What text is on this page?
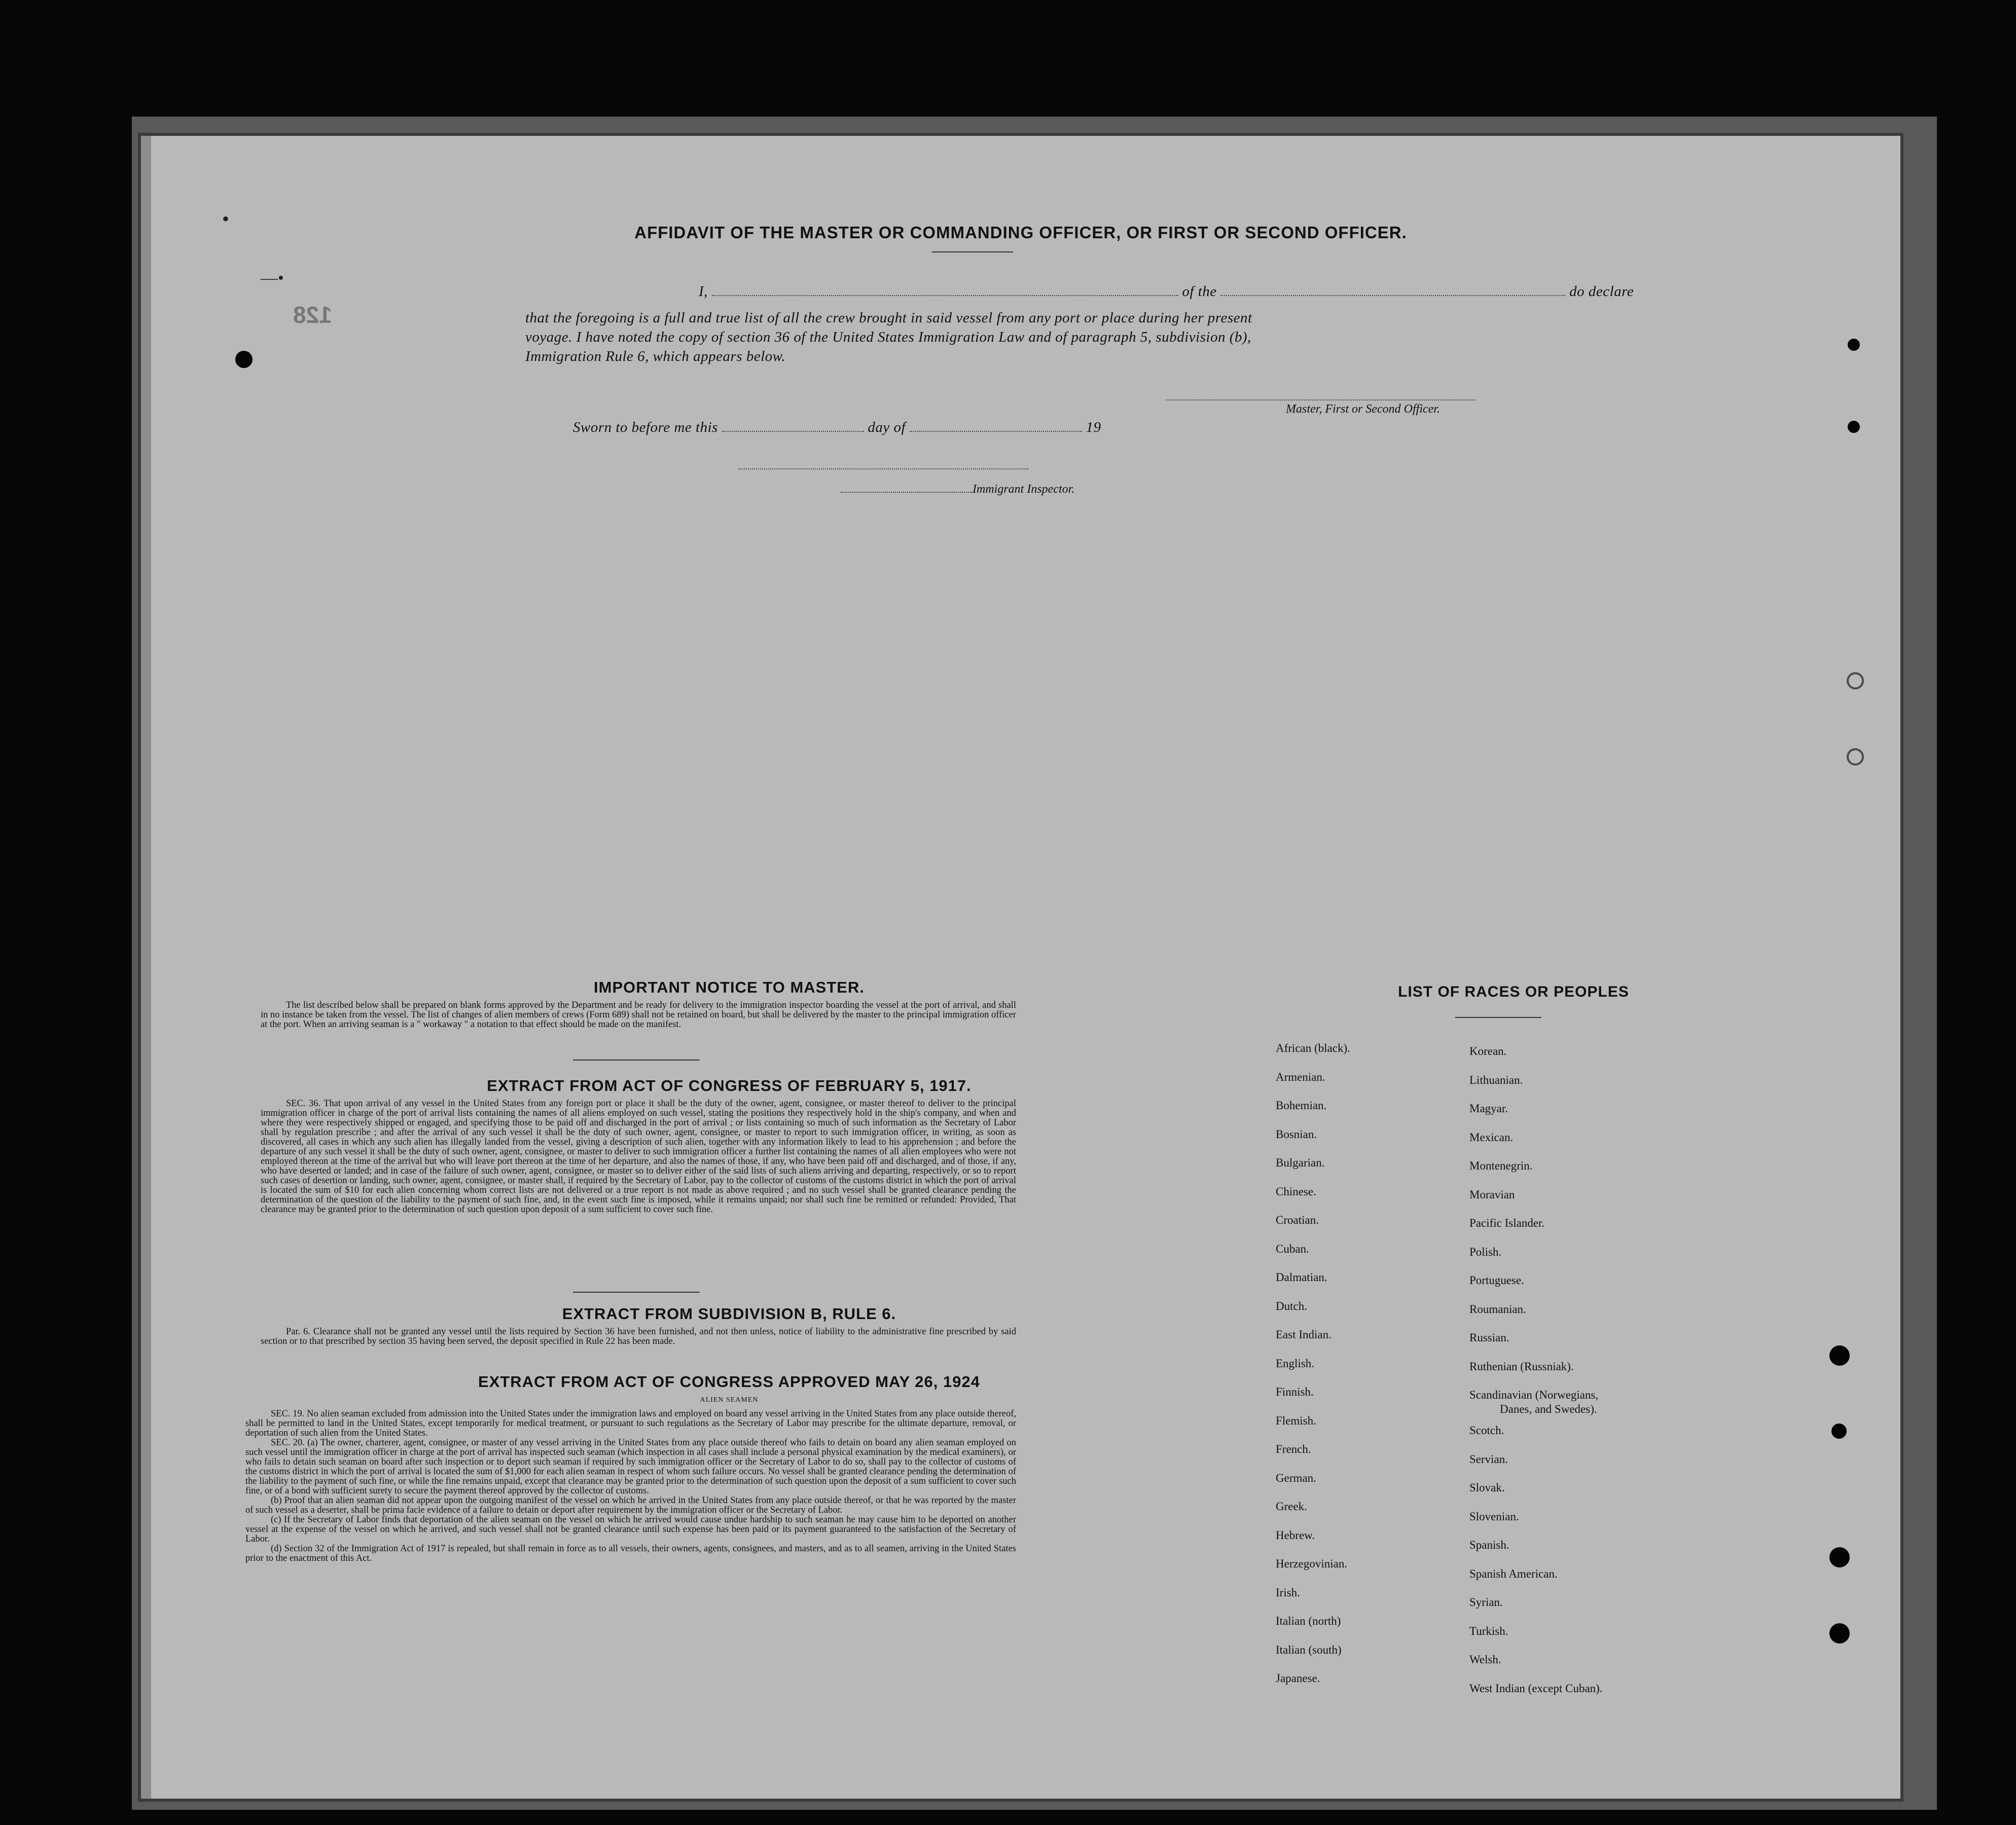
128
•
—•
AFFIDAVIT OF THE MASTER OR COMMANDING OFFICER, OR FIRST OR SECOND OFFICER.
I,	of the	do declare
that the foregoing is a full and true list of all the crew brought in said vessel from any port or place during her present
voyage. I have noted the copy of section 36 of the United States Immigration Law and of paragraph 5, subdivision (b),
Immigration Rule 6, which appears below.
Master, First or Second Officer.
Sworn to before me this	day of	19
Immigrant Inspector.
IMPORTANT NOTICE TO MASTER.

The list described below shall be prepared on blank forms approved by the Department and be ready for delivery to the immigration inspector boarding the vessel at the port of arrival, and shall in no instance be taken from the vessel. The list of changes of alien members of crews (Form 689) shall not be retained on board, but shall be delivered by the master to the principal immigration officer at the port. When an arriving seaman is a " workaway " a notation to that effect should be made on the manifest.

EXTRACT FROM ACT OF CONGRESS OF FEBRUARY 5, 1917.

SEC. 36. That upon arrival of any vessel in the United States from any foreign port or place it shall be the duty of the owner, agent, consignee, or master thereof to deliver to the principal immigration officer in charge of the port of arrival lists containing the names of all aliens employed on such vessel, stating the positions they respectively hold in the ship's company, and when and where they were respectively shipped or engaged, and specifying those to be paid off and discharged in the port of arrival ; or lists containing so much of such information as the Secretary of Labor shall by regulation prescribe ; and after the arrival of any such vessel it shall be the duty of such owner, agent, consignee, or master to report to such immigration officer, in writing, as soon as discovered, all cases in which any such alien has illegally landed from the vessel, giving a description of such alien, together with any information likely to lead to his apprehension ; and before the departure of any such vessel it shall be the duty of such owner, agent, consignee, or master to deliver to such immigration officer a further list containing the names of all alien employees who were not employed thereon at the time of the arrival but who will leave port thereon at the time of her departure, and also the names of those, if any, who have been paid off and discharged, and of those, if any, who have deserted or landed; and in case of the failure of such owner, agent, consignee, or master so to deliver either of the said lists of such aliens arriving and departing, respectively, or so to report such cases of desertion or landing, such owner, agent, consignee, or master shall, if required by the Secretary of Labor, pay to the collector of customs of the customs district in which the port of arrival is located the sum of $10 for each alien concerning whom correct lists are not delivered or a true report is not made as above required ; and no such vessel shall be granted clearance pending the determination of the question of the liability to the payment of such fine, and, in the event such fine is imposed, while it remains unpaid; nor shall such fine be remitted or refunded: Provided, That clearance may be granted prior to the determination of such question upon deposit of a sum sufficient to cover such fine.

EXTRACT FROM SUBDIVISION B, RULE 6.

Par. 6. Clearance shall not be granted any vessel until the lists required by Section 36 have been furnished, and not then unless, notice of liability to the administrative fine prescribed by said section or to that prescribed by section 35 having been served, the deposit specified in Rule 22 has been made.

EXTRACT FROM ACT OF CONGRESS APPROVED MAY 26, 1924
ALIEN SEAMEN

SEC. 19. No alien seaman excluded from admission into the United States under the immigration laws and employed on board any vessel arriving in the United States from any place outside thereof, shall be permitted to land in the United States, except temporarily for medical treatment, or pursuant to such regulations as the Secretary of Labor may prescribe for the ultimate departure, removal, or deportation of such alien from the United States.

SEC. 20. (a) The owner, charterer, agent, consignee, or master of any vessel arriving in the United States from any place outside thereof who fails to detain on board any alien seaman employed on such vessel until the immigration officer in charge at the port of arrival has inspected such seaman (which inspection in all cases shall include a personal physical examination by the medical examiners), or who fails to detain such seaman on board after such inspection or to deport such seaman if required by such immigration officer or the Secretary of Labor to do so, shall pay to the collector of customs of the customs district in which the port of arrival is located the sum of $1,000 for each alien seaman in respect of whom such failure occurs. No vessel shall be granted clearance pending the determination of the liability to the payment of such fine, or while the fine remains unpaid, except that clearance may be granted prior to the determination of such question upon the deposit of a sum sufficient to cover such fine, or of a bond with sufficient surety to secure the payment thereof approved by the collector of customs.

(b) Proof that an alien seaman did not appear upon the outgoing manifest of the vessel on which he arrived in the United States from any place outside thereof, or that he was reported by the master of such vessel as a deserter, shall be prima facie evidence of a failure to detain or deport after requirement by the immigration officer or the Secretary of Labor.

(c) If the Secretary of Labor finds that deportation of the alien seaman on the vessel on which he arrived would cause undue hardship to such seaman he may cause him to be deported on another vessel at the expense of the vessel on which he arrived, and such vessel shall not be granted clearance until such expense has been paid or its payment guaranteed to the satisfaction of the Secretary of Labor.

(d) Section 32 of the Immigration Act of 1917 is repealed, but shall remain in force as to all vessels, their owners, agents, consignees, and masters, and as to all seamen, arriving in the United States prior to the enactment of this Act.

LIST OF RACES OR PEOPLES
African (black).
Armenian.
Bohemian.
Bosnian.
Bulgarian.
Chinese.
Croatian.
Cuban.
Dalmatian.
Dutch.
East Indian.
English.
Finnish.
Flemish.
French.
German.
Greek.
Hebrew.
Herzegovinian.
Irish.
Italian (north)
Italian (south)
Japanese.
Korean.
Lithuanian.
Magyar.
Mexican.
Montenegrin.
Moravian
Pacific Islander.
Polish.
Portuguese.
Roumanian.
Russian.
Ruthenian (Russniak).
Scandinavian (Norwegians,
Danes, and Swedes).
Scotch.
Servian.
Slovak.
Slovenian.
Spanish.
Spanish American.
Syrian.
Turkish.
Welsh.
West Indian (except Cuban).
